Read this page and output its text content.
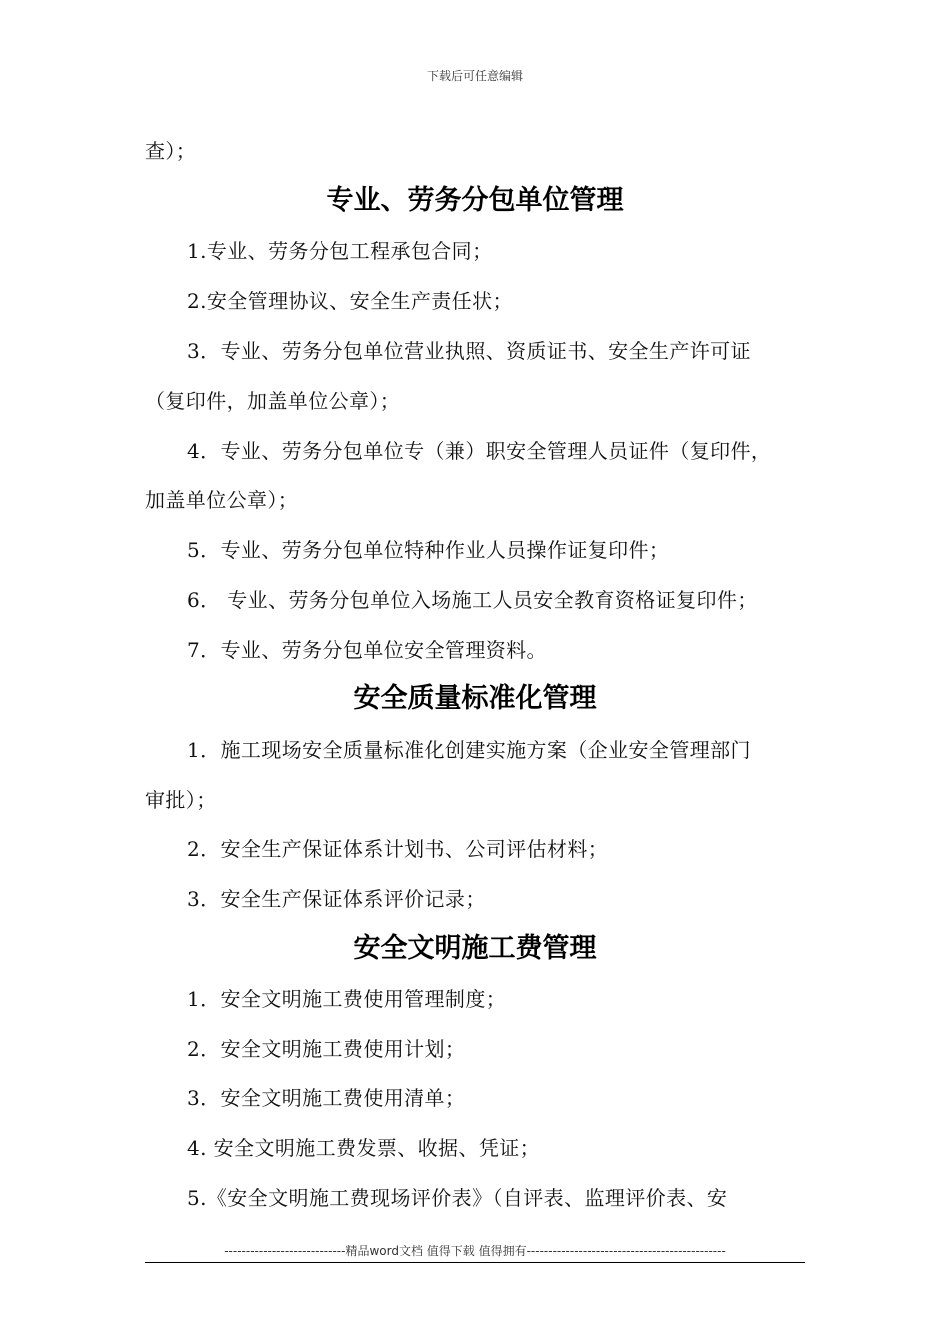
下载后可任意编辑
查）；
专业、劳务分包单位管理
1.专业、劳务分包工程承包合同；
2.安全管理协议、安全生产责任状；
3．专业、劳务分包单位营业执照、资质证书、安全生产许可证
（复印件，加盖单位公章）；
4．专业、劳务分包单位专（兼）职安全管理人员证件（复印件，
加盖单位公章）；
5．专业、劳务分包单位特种作业人员操作证复印件；
6． 专业、劳务分包单位入场施工人员安全教育资格证复印件；
7．专业、劳务分包单位安全管理资料。
安全质量标准化管理
1．施工现场安全质量标准化创建实施方案（企业安全管理部门
审批）；
2．安全生产保证体系计划书、公司评估材料；
3．安全生产保证体系评价记录；
安全文明施工费管理
1．安全文明施工费使用管理制度；
2．安全文明施工费使用计划；
3．安全文明施工费使用清单；
4. 安全文明施工费发票、收据、凭证；
5.《安全文明施工费现场评价表》（自评表、监理评价表、安
----------------------------精品word文档 值得下载 值得拥有----------------------------------------------
